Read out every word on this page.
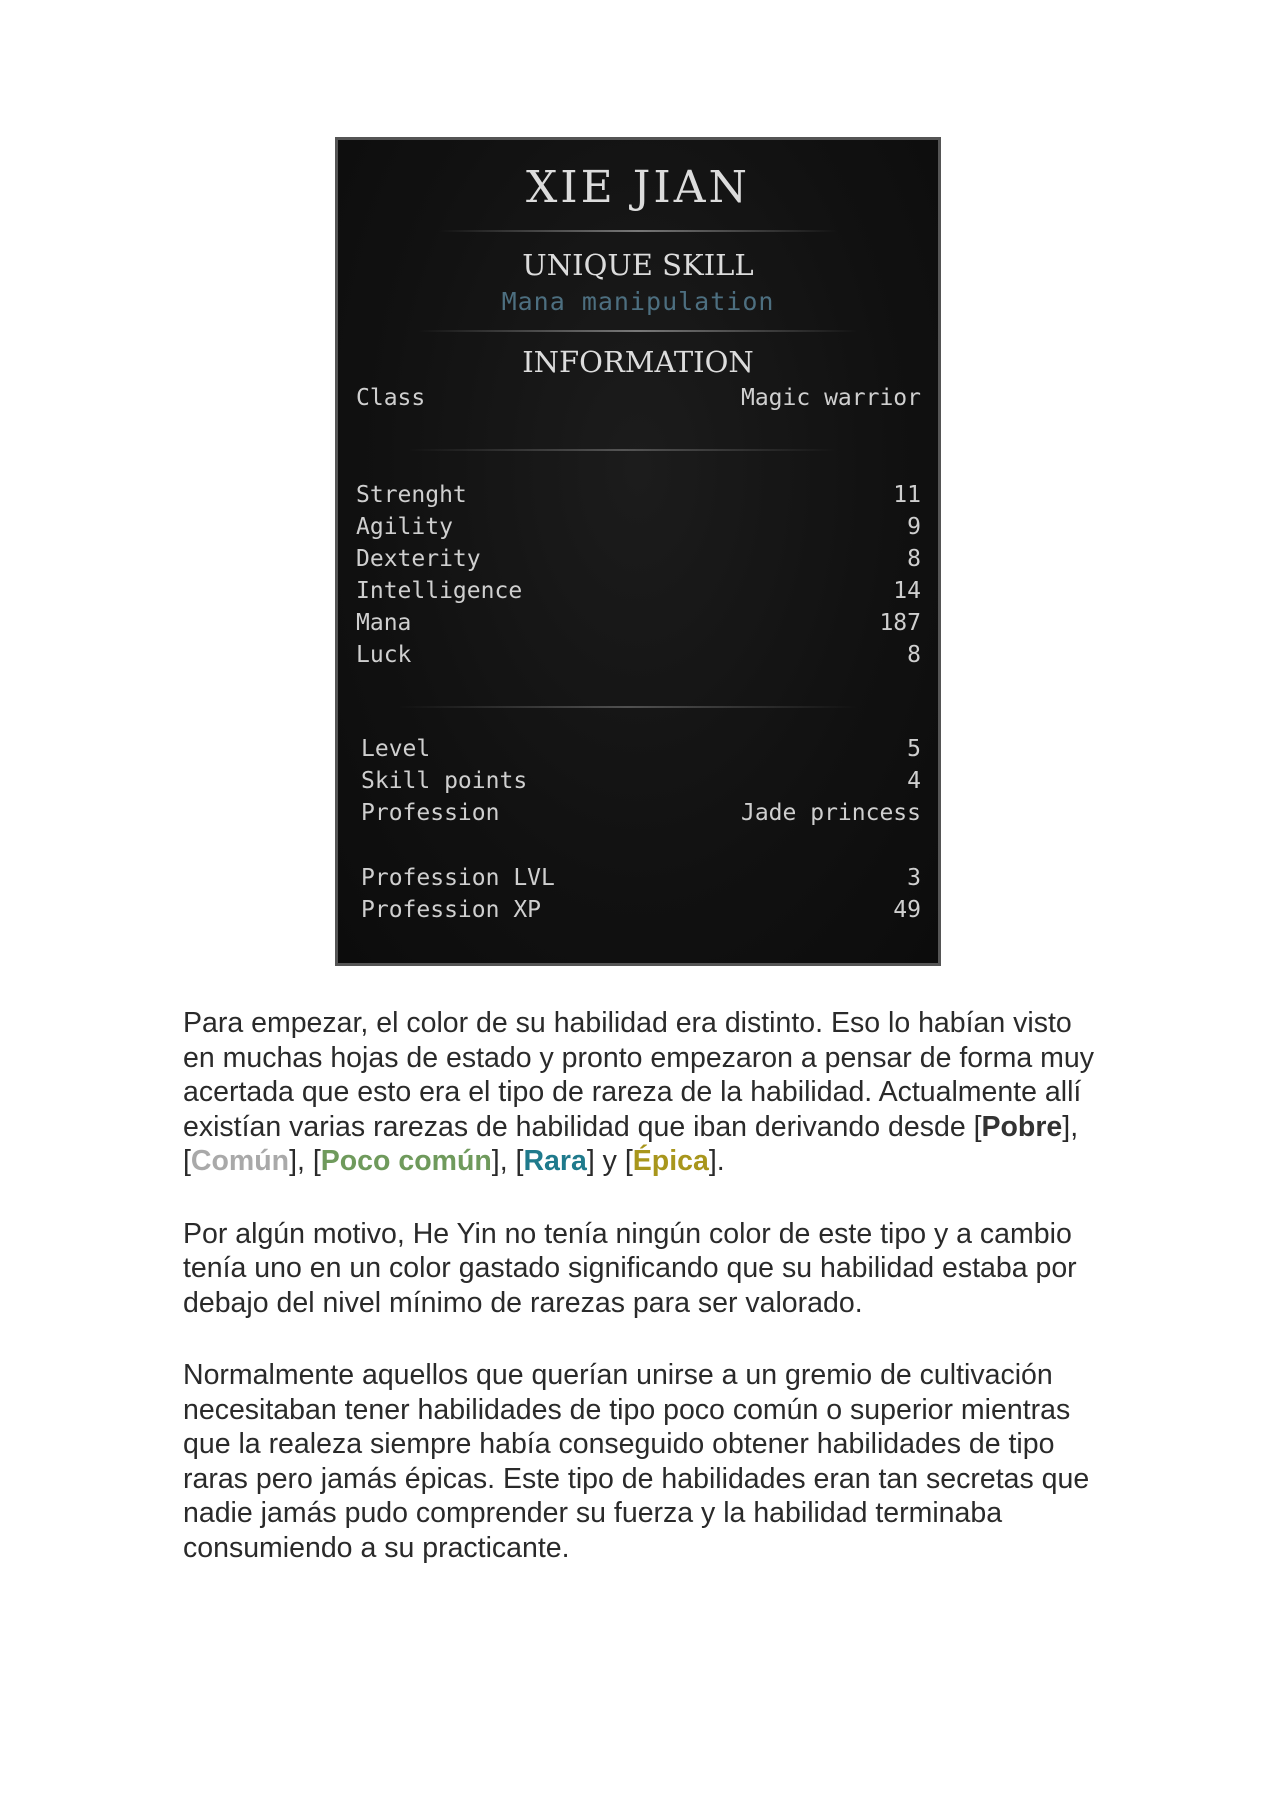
XIE JIAN
UNIQUE SKILL
Mana manipulation
INFORMATION
Class	Magic warrior
Strenght	11
Agility	9
Dexterity	8
Intelligence	14
Mana	187
Luck	8
Level	5
Skill points	4
Profession	Jade princess
Profession LVL	3
Profession XP	49

Para empezar, el color de su habilidad era distinto. Eso lo habían visto en muchas hojas de estado y pronto empezaron a pensar de forma muy acertada que esto era el tipo de rareza de la habilidad. Actualmente allí existían varias rarezas de habilidad que iban derivando desde [Pobre], [Común], [Poco común], [Rara] y [Épica].

Por algún motivo, He Yin no tenía ningún color de este tipo y a cambio tenía uno en un color gastado significando que su habilidad estaba por debajo del nivel mínimo de rarezas para ser valorado.

Normalmente aquellos que querían unirse a un gremio de cultivación necesitaban tener habilidades de tipo poco común o superior mientras que la realeza siempre había conseguido obtener habilidades de tipo raras pero jamás épicas. Este tipo de habilidades eran tan secretas que nadie jamás pudo comprender su fuerza y la habilidad terminaba consumiendo a su practicante.
